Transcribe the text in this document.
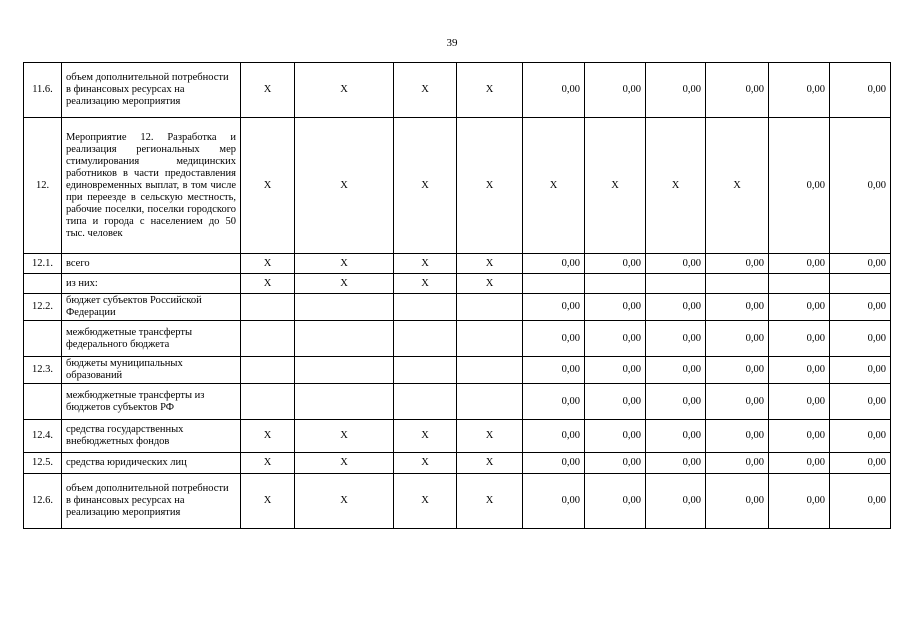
39
11.6.	объем дополнительной потребности в финансовых ресурсах на реализацию мероприятия	X	X	X	X	0,00	0,00	0,00	0,00	0,00	0,00
12.	Мероприятие 12. Разработка и реализация региональных мер стимулирования медицинских работников в части предоставления единовременных выплат, в том числе при переезде в сельскую местность, рабочие поселки, поселки городского типа и города с населением до 50 тыс. человек	X	X	X	X	X	X	X	X	0,00	0,00
12.1.	всего	X	X	X	X	0,00	0,00	0,00	0,00	0,00	0,00
	из них:	X	X	X	X						
12.2.	бюджет субъектов Российской Федерации					0,00	0,00	0,00	0,00	0,00	0,00
	межбюджетные трансферты федерального бюджета					0,00	0,00	0,00	0,00	0,00	0,00
12.3.	бюджеты муниципальных образований					0,00	0,00	0,00	0,00	0,00	0,00
	межбюджетные трансферты из бюджетов субъектов РФ					0,00	0,00	0,00	0,00	0,00	0,00
12.4.	средства государственных внебюджетных фондов	X	X	X	X	0,00	0,00	0,00	0,00	0,00	0,00
12.5.	средства юридических лиц	X	X	X	X	0,00	0,00	0,00	0,00	0,00	0,00
12.6.	объем дополнительной потребности в финансовых ресурсах на реализацию мероприятия	X	X	X	X	0,00	0,00	0,00	0,00	0,00	0,00
